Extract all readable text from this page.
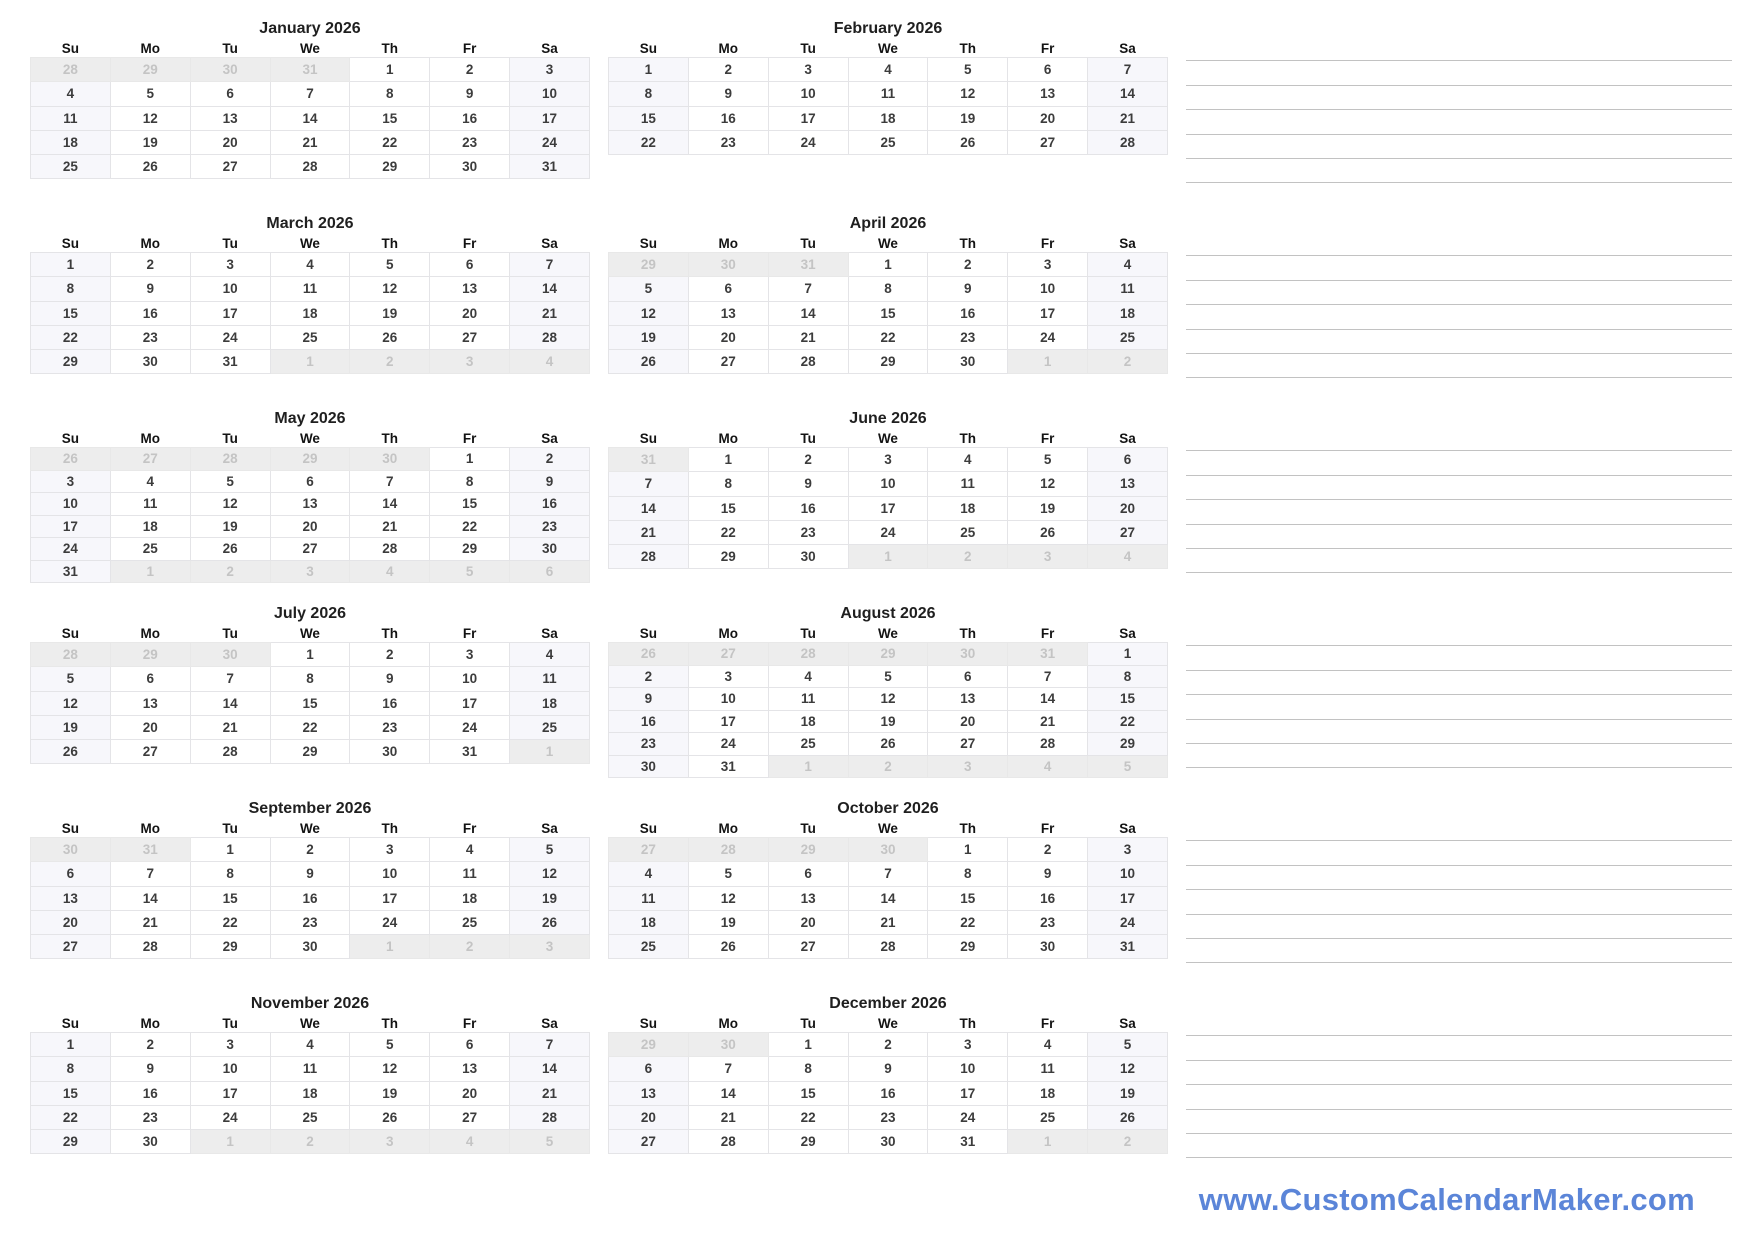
January 2026
Su	Mo	Tu	We	Th	Fr	Sa
28	29	30	31	1	2	3
4	5	6	7	8	9	10
11	12	13	14	15	16	17
18	19	20	21	22	23	24
25	26	27	28	29	30	31
February 2026
Su	Mo	Tu	We	Th	Fr	Sa
1	2	3	4	5	6	7
8	9	10	11	12	13	14
15	16	17	18	19	20	21
22	23	24	25	26	27	28
March 2026
Su	Mo	Tu	We	Th	Fr	Sa
1	2	3	4	5	6	7
8	9	10	11	12	13	14
15	16	17	18	19	20	21
22	23	24	25	26	27	28
29	30	31	1	2	3	4
April 2026
Su	Mo	Tu	We	Th	Fr	Sa
29	30	31	1	2	3	4
5	6	7	8	9	10	11
12	13	14	15	16	17	18
19	20	21	22	23	24	25
26	27	28	29	30	1	2
May 2026
Su	Mo	Tu	We	Th	Fr	Sa
26	27	28	29	30	1	2
3	4	5	6	7	8	9
10	11	12	13	14	15	16
17	18	19	20	21	22	23
24	25	26	27	28	29	30
31	1	2	3	4	5	6
June 2026
Su	Mo	Tu	We	Th	Fr	Sa
31	1	2	3	4	5	6
7	8	9	10	11	12	13
14	15	16	17	18	19	20
21	22	23	24	25	26	27
28	29	30	1	2	3	4
July 2026
Su	Mo	Tu	We	Th	Fr	Sa
28	29	30	1	2	3	4
5	6	7	8	9	10	11
12	13	14	15	16	17	18
19	20	21	22	23	24	25
26	27	28	29	30	31	1
August 2026
Su	Mo	Tu	We	Th	Fr	Sa
26	27	28	29	30	31	1
2	3	4	5	6	7	8
9	10	11	12	13	14	15
16	17	18	19	20	21	22
23	24	25	26	27	28	29
30	31	1	2	3	4	5
September 2026
Su	Mo	Tu	We	Th	Fr	Sa
30	31	1	2	3	4	5
6	7	8	9	10	11	12
13	14	15	16	17	18	19
20	21	22	23	24	25	26
27	28	29	30	1	2	3
October 2026
Su	Mo	Tu	We	Th	Fr	Sa
27	28	29	30	1	2	3
4	5	6	7	8	9	10
11	12	13	14	15	16	17
18	19	20	21	22	23	24
25	26	27	28	29	30	31
November 2026
Su	Mo	Tu	We	Th	Fr	Sa
1	2	3	4	5	6	7
8	9	10	11	12	13	14
15	16	17	18	19	20	21
22	23	24	25	26	27	28
29	30	1	2	3	4	5
December 2026
Su	Mo	Tu	We	Th	Fr	Sa
29	30	1	2	3	4	5
6	7	8	9	10	11	12
13	14	15	16	17	18	19
20	21	22	23	24	25	26
27	28	29	30	31	1	2
www.CustomCalendarMaker.com
